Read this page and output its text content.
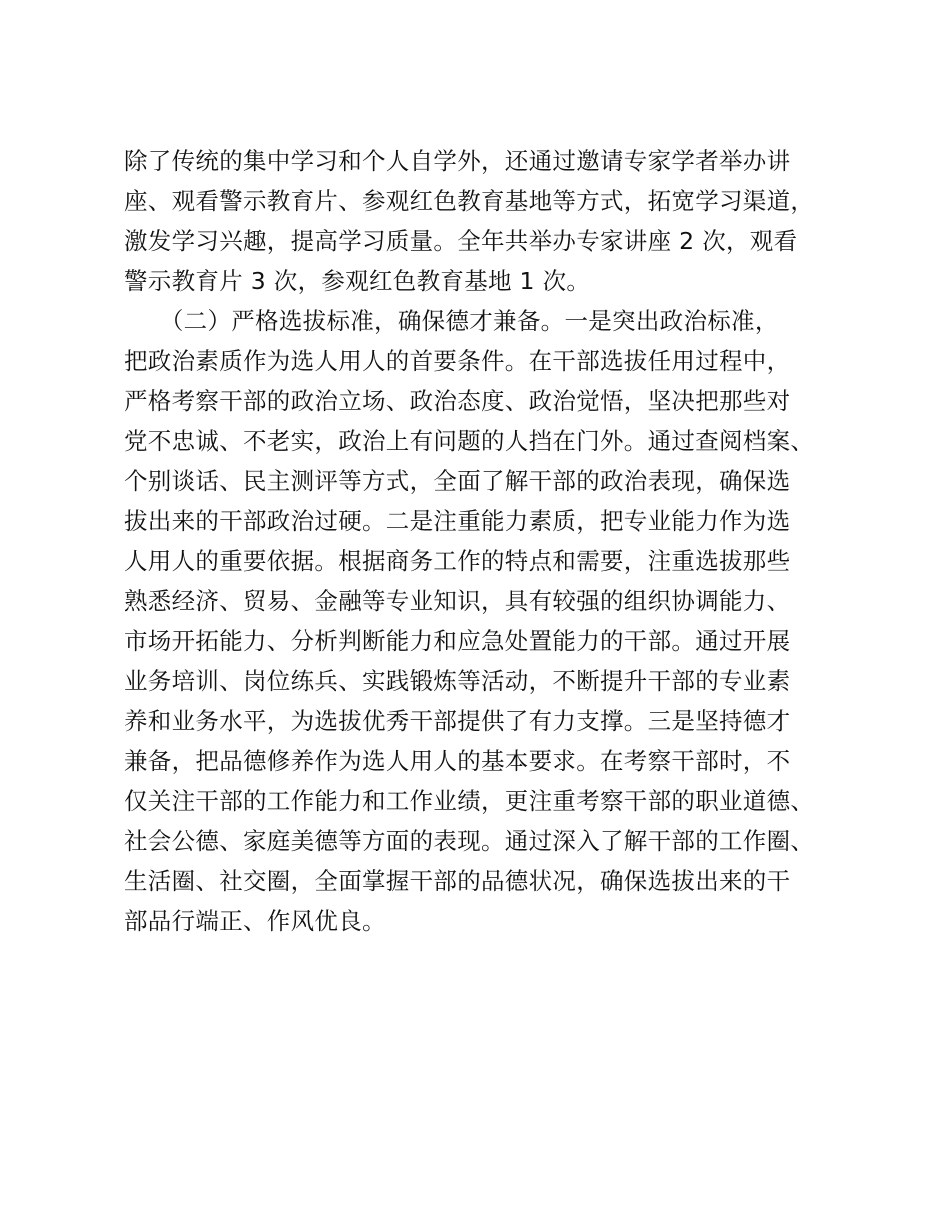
除了传统的集中学习和个人自学外，还通过邀请专家学者举办讲
座、观看警示教育片、参观红色教育基地等方式，拓宽学习渠道，
激发学习兴趣，提高学习质量。全年共举办专家讲座 2 次，观看
警示教育片 3 次，参观红色教育基地 1 次。
　　（二）严格选拔标准，确保德才兼备。一是突出政治标准，
把政治素质作为选人用人的首要条件。在干部选拔任用过程中，
严格考察干部的政治立场、政治态度、政治觉悟，坚决把那些对
党不忠诚、不老实，政治上有问题的人挡在门外。通过查阅档案、
个别谈话、民主测评等方式，全面了解干部的政治表现，确保选
拔出来的干部政治过硬。二是注重能力素质，把专业能力作为选
人用人的重要依据。根据商务工作的特点和需要，注重选拔那些
熟悉经济、贸易、金融等专业知识，具有较强的组织协调能力、
市场开拓能力、分析判断能力和应急处置能力的干部。通过开展
业务培训、岗位练兵、实践锻炼等活动，不断提升干部的专业素
养和业务水平，为选拔优秀干部提供了有力支撑。三是坚持德才
兼备，把品德修养作为选人用人的基本要求。在考察干部时，不
仅关注干部的工作能力和工作业绩，更注重考察干部的职业道德、
社会公德、家庭美德等方面的表现。通过深入了解干部的工作圈、
生活圈、社交圈，全面掌握干部的品德状况，确保选拔出来的干
部品行端正、作风优良。
